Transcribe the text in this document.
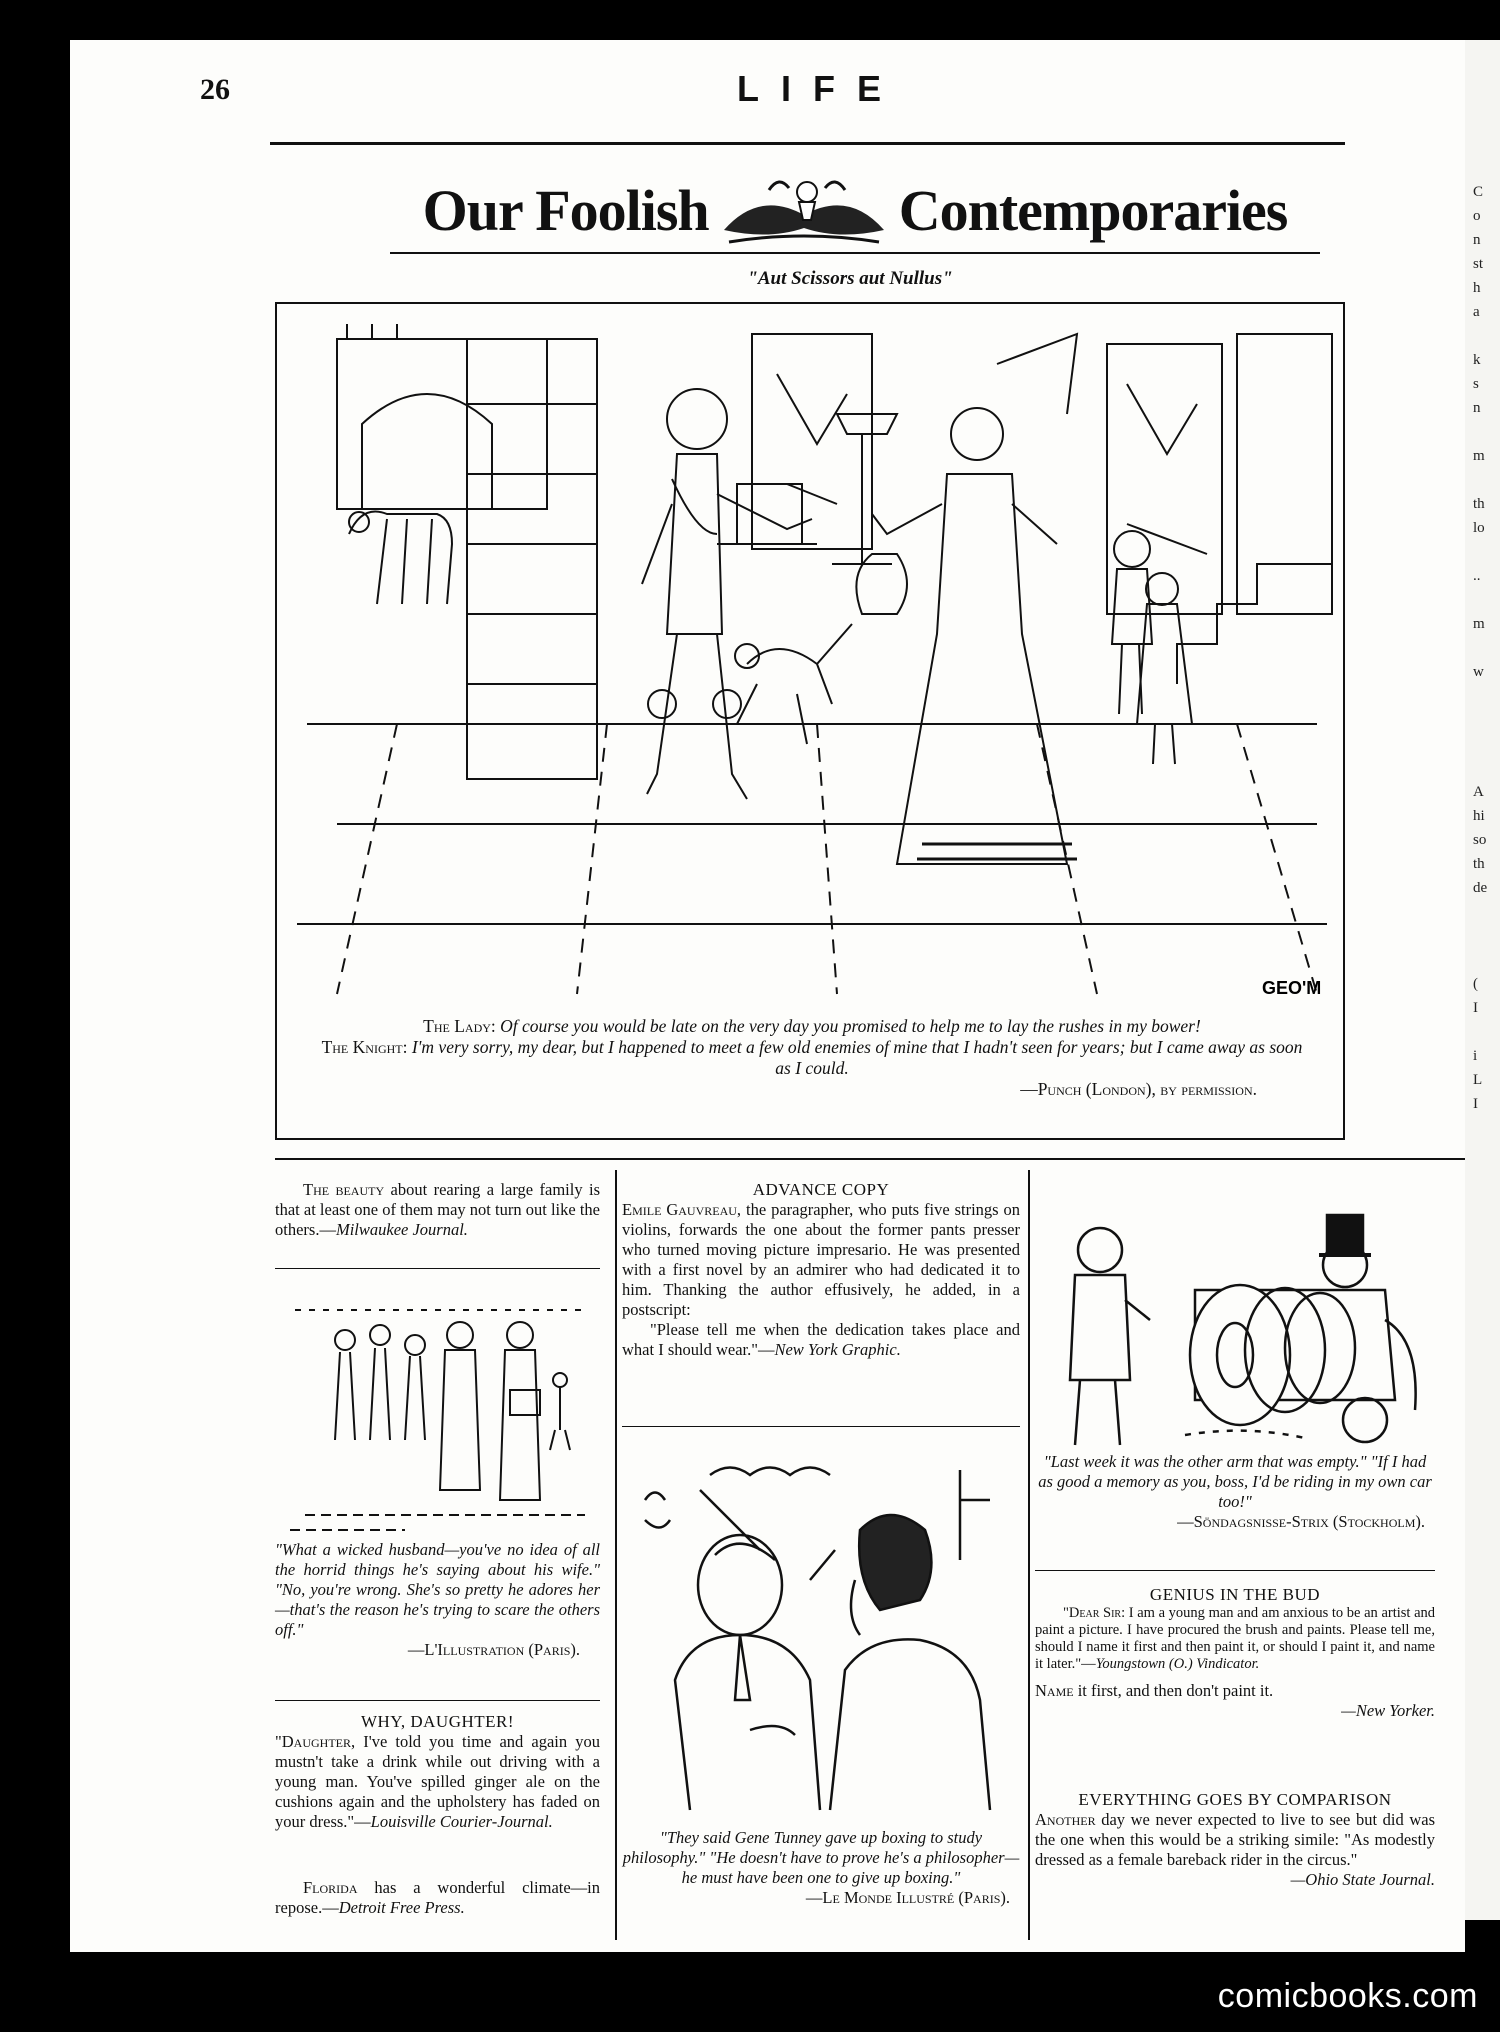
26	LIFE
Our Foolish	Contemporaries
"Aut Scissors aut Nullus"
GEO'M
The Lady: Of course you would be late on the very day you promised to help me to lay the rushes in my bower!
The Knight: I'm very sorry, my dear, but I happened to meet a few old enemies of mine that I hadn't seen for years; but I came away as soon as I could.
—Punch (London), by permission.

The beauty about rearing a large family is that at least one of them may not turn out like the others.—Milwaukee Journal.

"What a wicked husband—you've no idea of all the horrid things he's saying about his wife." "No, you're wrong. She's so pretty he adores her—that's the reason he's trying to scare the others off."

—L'Illustration (Paris).

WHY, DAUGHTER!

"Daughter, I've told you time and again you mustn't take a drink while out driving with a young man. You've spilled ginger ale on the cushions again and the upholstery has faded on your dress."—Louisville Courier-Journal.

Florida has a wonderful climate—in repose.—Detroit Free Press.

ADVANCE COPY

Emile Gauvreau, the paragrapher, who puts five strings on violins, forwards the one about the former pants presser who turned moving picture impresario. He was presented with a first novel by an admirer who had dedicated it to him. Thanking the author effusively, he added, in a postscript:

"Please tell me when the dedication takes place and what I should wear."—New York Graphic.

"They said Gene Tunney gave up boxing to study philosophy." "He doesn't have to prove he's a philosopher—he must have been one to give up boxing."

—Le Monde Illustré (Paris).

"Last week it was the other arm that was empty." "If I had as good a memory as you, boss, I'd be riding in my own car too!"

—Söndagsnisse-Strix (Stockholm).

GENIUS IN THE BUD

"Dear Sir: I am a young man and am anxious to be an artist and paint a picture. I have procured the brush and paints. Please tell me, should I name it first and then paint it, or should I paint it, and name it later."—Youngstown (O.) Vindicator.

Name it first, and then don't paint it.

—New Yorker.

EVERYTHING GOES BY COMPARISON

Another day we never expected to live to see but did was the one when this would be a striking simile: "As modestly dressed as a female bareback rider in the circus."

—Ohio State Journal.

C
o
n
st
h
a

k
s
n

m

th
lo

..

m

w

A
hi
so
th
de

(
I

i
L
I
comicbooks.com
